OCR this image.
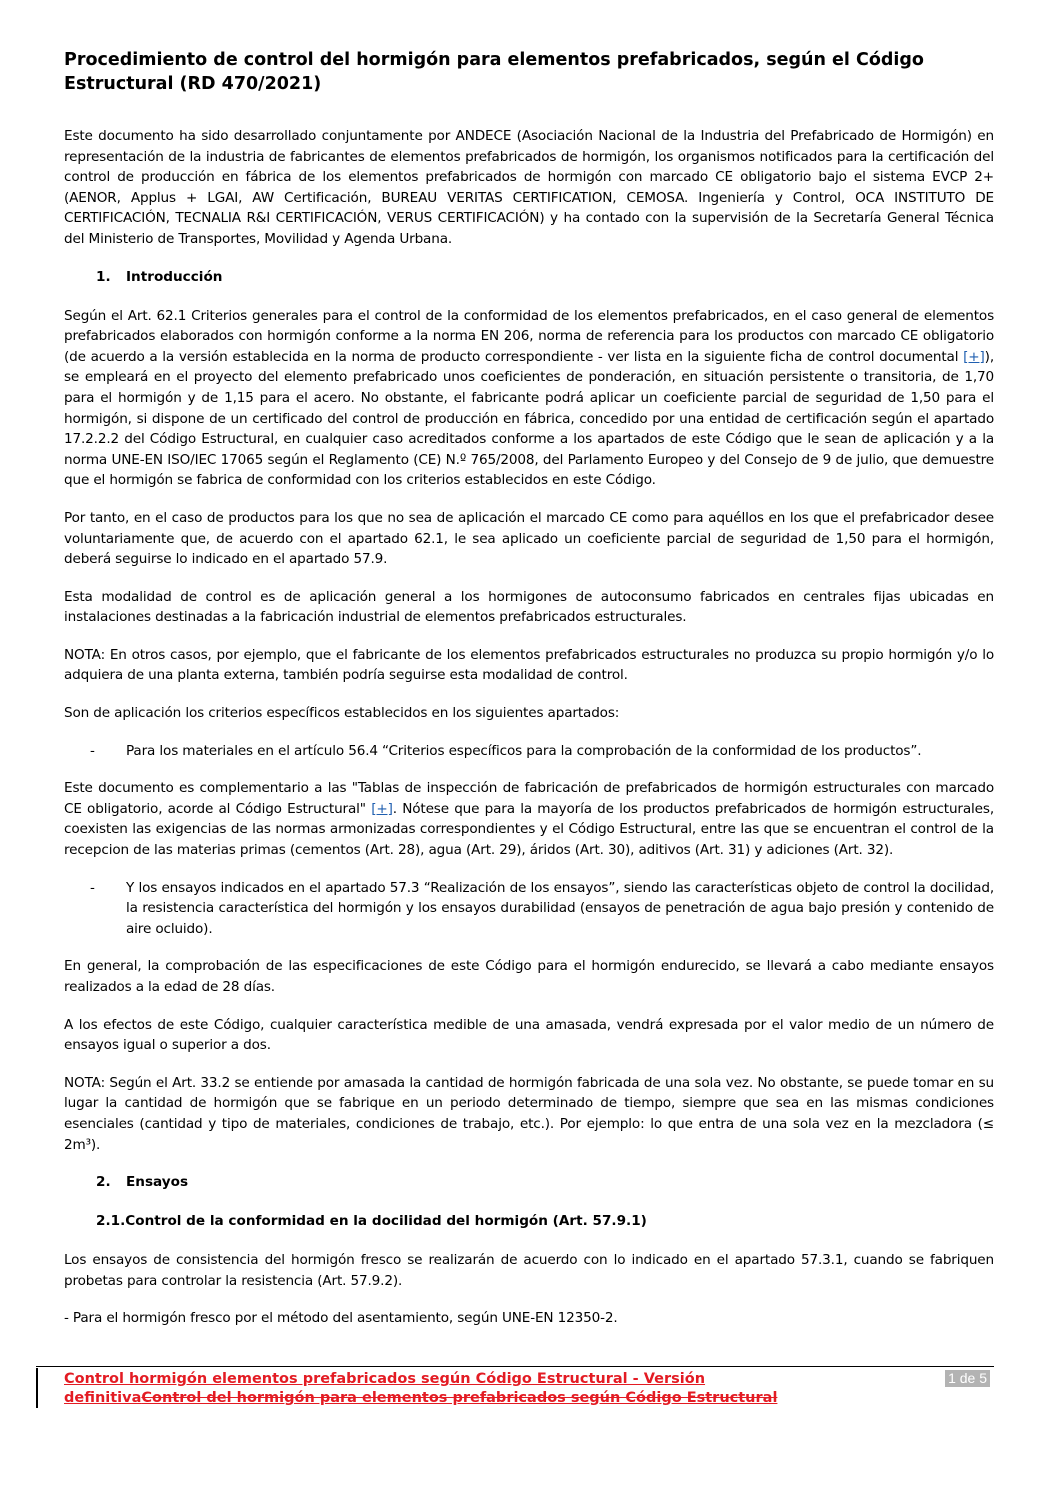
Procedimiento de control del hormigón para elementos prefabricados, según el Código Estructural (RD 470/2021)

Este documento ha sido desarrollado conjuntamente por ANDECE (Asociación Nacional de la Industria del Prefabricado de Hormigón) en representación de la industria de fabricantes de elementos prefabricados de hormigón, los organismos notificados para la certificación del control de producción en fábrica de los elementos prefabricados de hormigón con marcado CE obligatorio bajo el sistema EVCP 2+ (AENOR, Applus + LGAI, AW Certificación, BUREAU VERITAS CERTIFICATION, CEMOSA. Ingeniería y Control, OCA INSTITUTO DE CERTIFICACIÓN, TECNALIA R&I CERTIFICACIÓN, VERUS CERTIFICACIÓN) y ha contado con la supervisión de la Secretaría General Técnica del Ministerio de Transportes, Movilidad y Agenda Urbana.

1. Introducción

Según el Art. 62.1 Criterios generales para el control de la conformidad de los elementos prefabricados, en el caso general de elementos prefabricados elaborados con hormigón conforme a la norma EN 206, norma de referencia para los productos con marcado CE obligatorio (de acuerdo a la versión establecida en la norma de producto correspondiente - ver lista en la siguiente ficha de control documental [+]), se empleará en el proyecto del elemento prefabricado unos coeficientes de ponderación, en situación persistente o transitoria, de 1,70 para el hormigón y de 1,15 para el acero. No obstante, el fabricante podrá aplicar un coeficiente parcial de seguridad de 1,50 para el hormigón, si dispone de un certificado del control de producción en fábrica, concedido por una entidad de certificación según el apartado 17.2.2.2 del Código Estructural, en cualquier caso acreditados conforme a los apartados de este Código que le sean de aplicación y a la norma UNE-EN ISO/IEC 17065 según el Reglamento (CE) N.º 765/2008, del Parlamento Europeo y del Consejo de 9 de julio, que demuestre que el hormigón se fabrica de conformidad con los criterios establecidos en este Código.

Por tanto, en el caso de productos para los que no sea de aplicación el marcado CE como para aquéllos en los que el prefabricador desee voluntariamente que, de acuerdo con el apartado 62.1, le sea aplicado un coeficiente parcial de seguridad de 1,50 para el hormigón, deberá seguirse lo indicado en el apartado 57.9.

Esta modalidad de control es de aplicación general a los hormigones de autoconsumo fabricados en centrales fijas ubicadas en instalaciones destinadas a la fabricación industrial de elementos prefabricados estructurales.

NOTA: En otros casos, por ejemplo, que el fabricante de los elementos prefabricados estructurales no produzca su propio hormigón y/o lo adquiera de una planta externa, también podría seguirse esta modalidad de control.

Son de aplicación los criterios específicos establecidos en los siguientes apartados:

-	Para los materiales en el artículo 56.4 “Criterios específicos para la comprobación de la conformidad de los productos”.

Este documento es complementario a las "Tablas de inspección de fabricación de prefabricados de hormigón estructurales con marcado CE obligatorio, acorde al Código Estructural" [+]. Nótese que para la mayoría de los productos prefabricados de hormigón estructurales, coexisten las exigencias de las normas armonizadas correspondientes y el Código Estructural, entre las que se encuentran el control de la recepcion de las materias primas (cementos (Art. 28), agua (Art. 29), áridos (Art. 30), aditivos (Art. 31) y adiciones (Art. 32).

-	Y los ensayos indicados en el apartado 57.3 “Realización de los ensayos”, siendo las características objeto de control la docilidad, la resistencia característica del hormigón y los ensayos durabilidad (ensayos de penetración de agua bajo presión y contenido de aire ocluido).

En general, la comprobación de las especificaciones de este Código para el hormigón endurecido, se llevará a cabo mediante ensayos realizados a la edad de 28 días.

A los efectos de este Código, cualquier característica medible de una amasada, vendrá expresada por el valor medio de un número de ensayos igual o superior a dos.

NOTA: Según el Art. 33.2 se entiende por amasada la cantidad de hormigón fabricada de una sola vez. No obstante, se puede tomar en su lugar la cantidad de hormigón que se fabrique en un periodo determinado de tiempo, siempre que sea en las mismas condiciones esenciales (cantidad y tipo de materiales, condiciones de trabajo, etc.). Por ejemplo: lo que entra de una sola vez en la mezcladora (≤ 2m³).

2. Ensayos
2.1.Control de la conformidad en la docilidad del hormigón (Art. 57.9.1)

Los ensayos de consistencia del hormigón fresco se realizarán de acuerdo con lo indicado en el apartado 57.3.1, cuando se fabriquen probetas para controlar la resistencia (Art. 57.9.2).

- Para el hormigón fresco por el método del asentamiento, según UNE-EN 12350-2.

Control hormigón elementos prefabricados según Código Estructural - Versión definitivaControl del hormigón para elementos prefabricados según Código Estructural
1 de 5
